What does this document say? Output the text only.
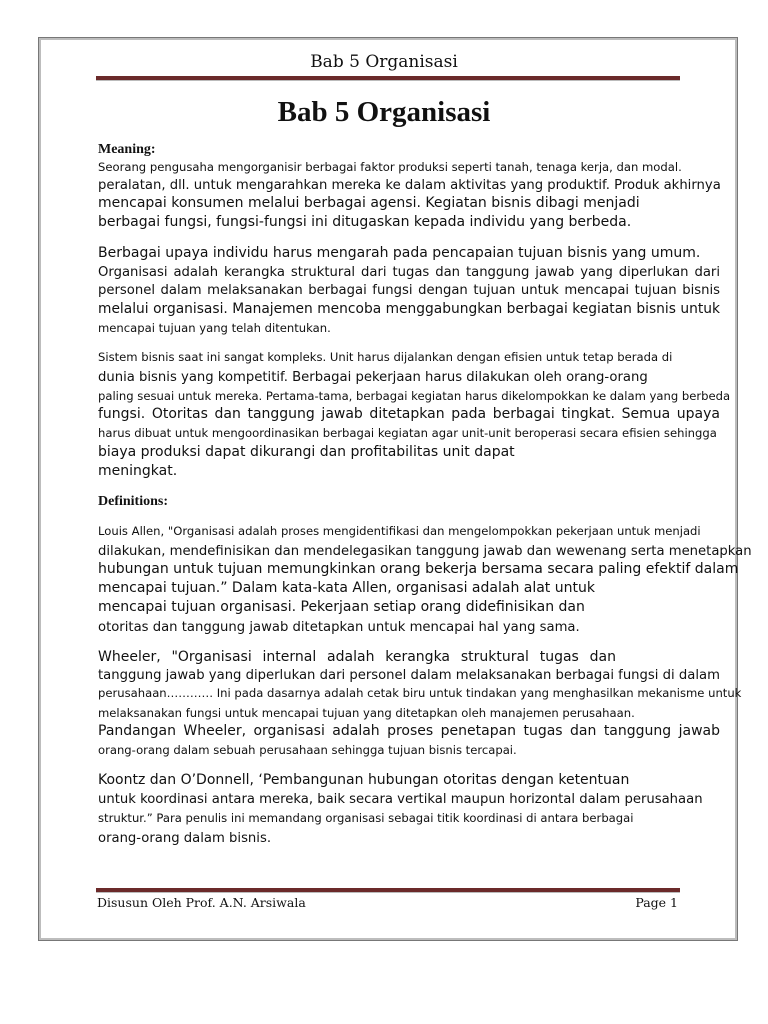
Bab 5 Organisasi
Bab 5 Organisasi
Meaning:
Seorang pengusaha mengorganisir berbagai faktor produksi seperti tanah, tenaga kerja, dan modal.
peralatan, dll. untuk mengarahkan mereka ke dalam aktivitas yang produktif. Produk akhirnya
mencapai konsumen melalui berbagai agensi. Kegiatan bisnis dibagi menjadi
berbagai fungsi, fungsi-fungsi ini ditugaskan kepada individu yang berbeda.
Berbagai upaya individu harus mengarah pada pencapaian tujuan bisnis yang umum.
Organisasi adalah kerangka struktural dari tugas dan tanggung jawab yang diperlukan dari
personel dalam melaksanakan berbagai fungsi dengan tujuan untuk mencapai tujuan bisnis
melalui organisasi. Manajemen mencoba menggabungkan berbagai kegiatan bisnis untuk
mencapai tujuan yang telah ditentukan.
Sistem bisnis saat ini sangat kompleks. Unit harus dijalankan dengan efisien untuk tetap berada di
dunia bisnis yang kompetitif. Berbagai pekerjaan harus dilakukan oleh orang-orang
paling sesuai untuk mereka. Pertama-tama, berbagai kegiatan harus dikelompokkan ke dalam yang berbeda
fungsi. Otoritas dan tanggung jawab ditetapkan pada berbagai tingkat. Semua upaya
harus dibuat untuk mengoordinasikan berbagai kegiatan agar unit-unit beroperasi secara efisien sehingga
biaya produksi dapat dikurangi dan profitabilitas unit dapat
meningkat.
Definitions:
Louis Allen, "Organisasi adalah proses mengidentifikasi dan mengelompokkan pekerjaan untuk menjadi
dilakukan, mendefinisikan dan mendelegasikan tanggung jawab dan wewenang serta menetapkan
hubungan untuk tujuan memungkinkan orang bekerja bersama secara paling efektif dalam
mencapai tujuan.” Dalam kata-kata Allen, organisasi adalah alat untuk
mencapai tujuan organisasi. Pekerjaan setiap orang didefinisikan dan
otoritas dan tanggung jawab ditetapkan untuk mencapai hal yang sama.
Wheeler, "Organisasi internal adalah kerangka struktural tugas dan
tanggung jawab yang diperlukan dari personel dalam melaksanakan berbagai fungsi di dalam
perusahaan………… Ini pada dasarnya adalah cetak biru untuk tindakan yang menghasilkan mekanisme untuk
melaksanakan fungsi untuk mencapai tujuan yang ditetapkan oleh manajemen perusahaan.
Pandangan Wheeler, organisasi adalah proses penetapan tugas dan tanggung jawab
orang-orang dalam sebuah perusahaan sehingga tujuan bisnis tercapai.
Koontz dan O’Donnell, ‘Pembangunan hubungan otoritas dengan ketentuan
untuk koordinasi antara mereka, baik secara vertikal maupun horizontal dalam perusahaan
struktur.” Para penulis ini memandang organisasi sebagai titik koordinasi di antara berbagai
orang-orang dalam bisnis.
Disusun Oleh Prof. A.N. Arsiwala	Page 1
